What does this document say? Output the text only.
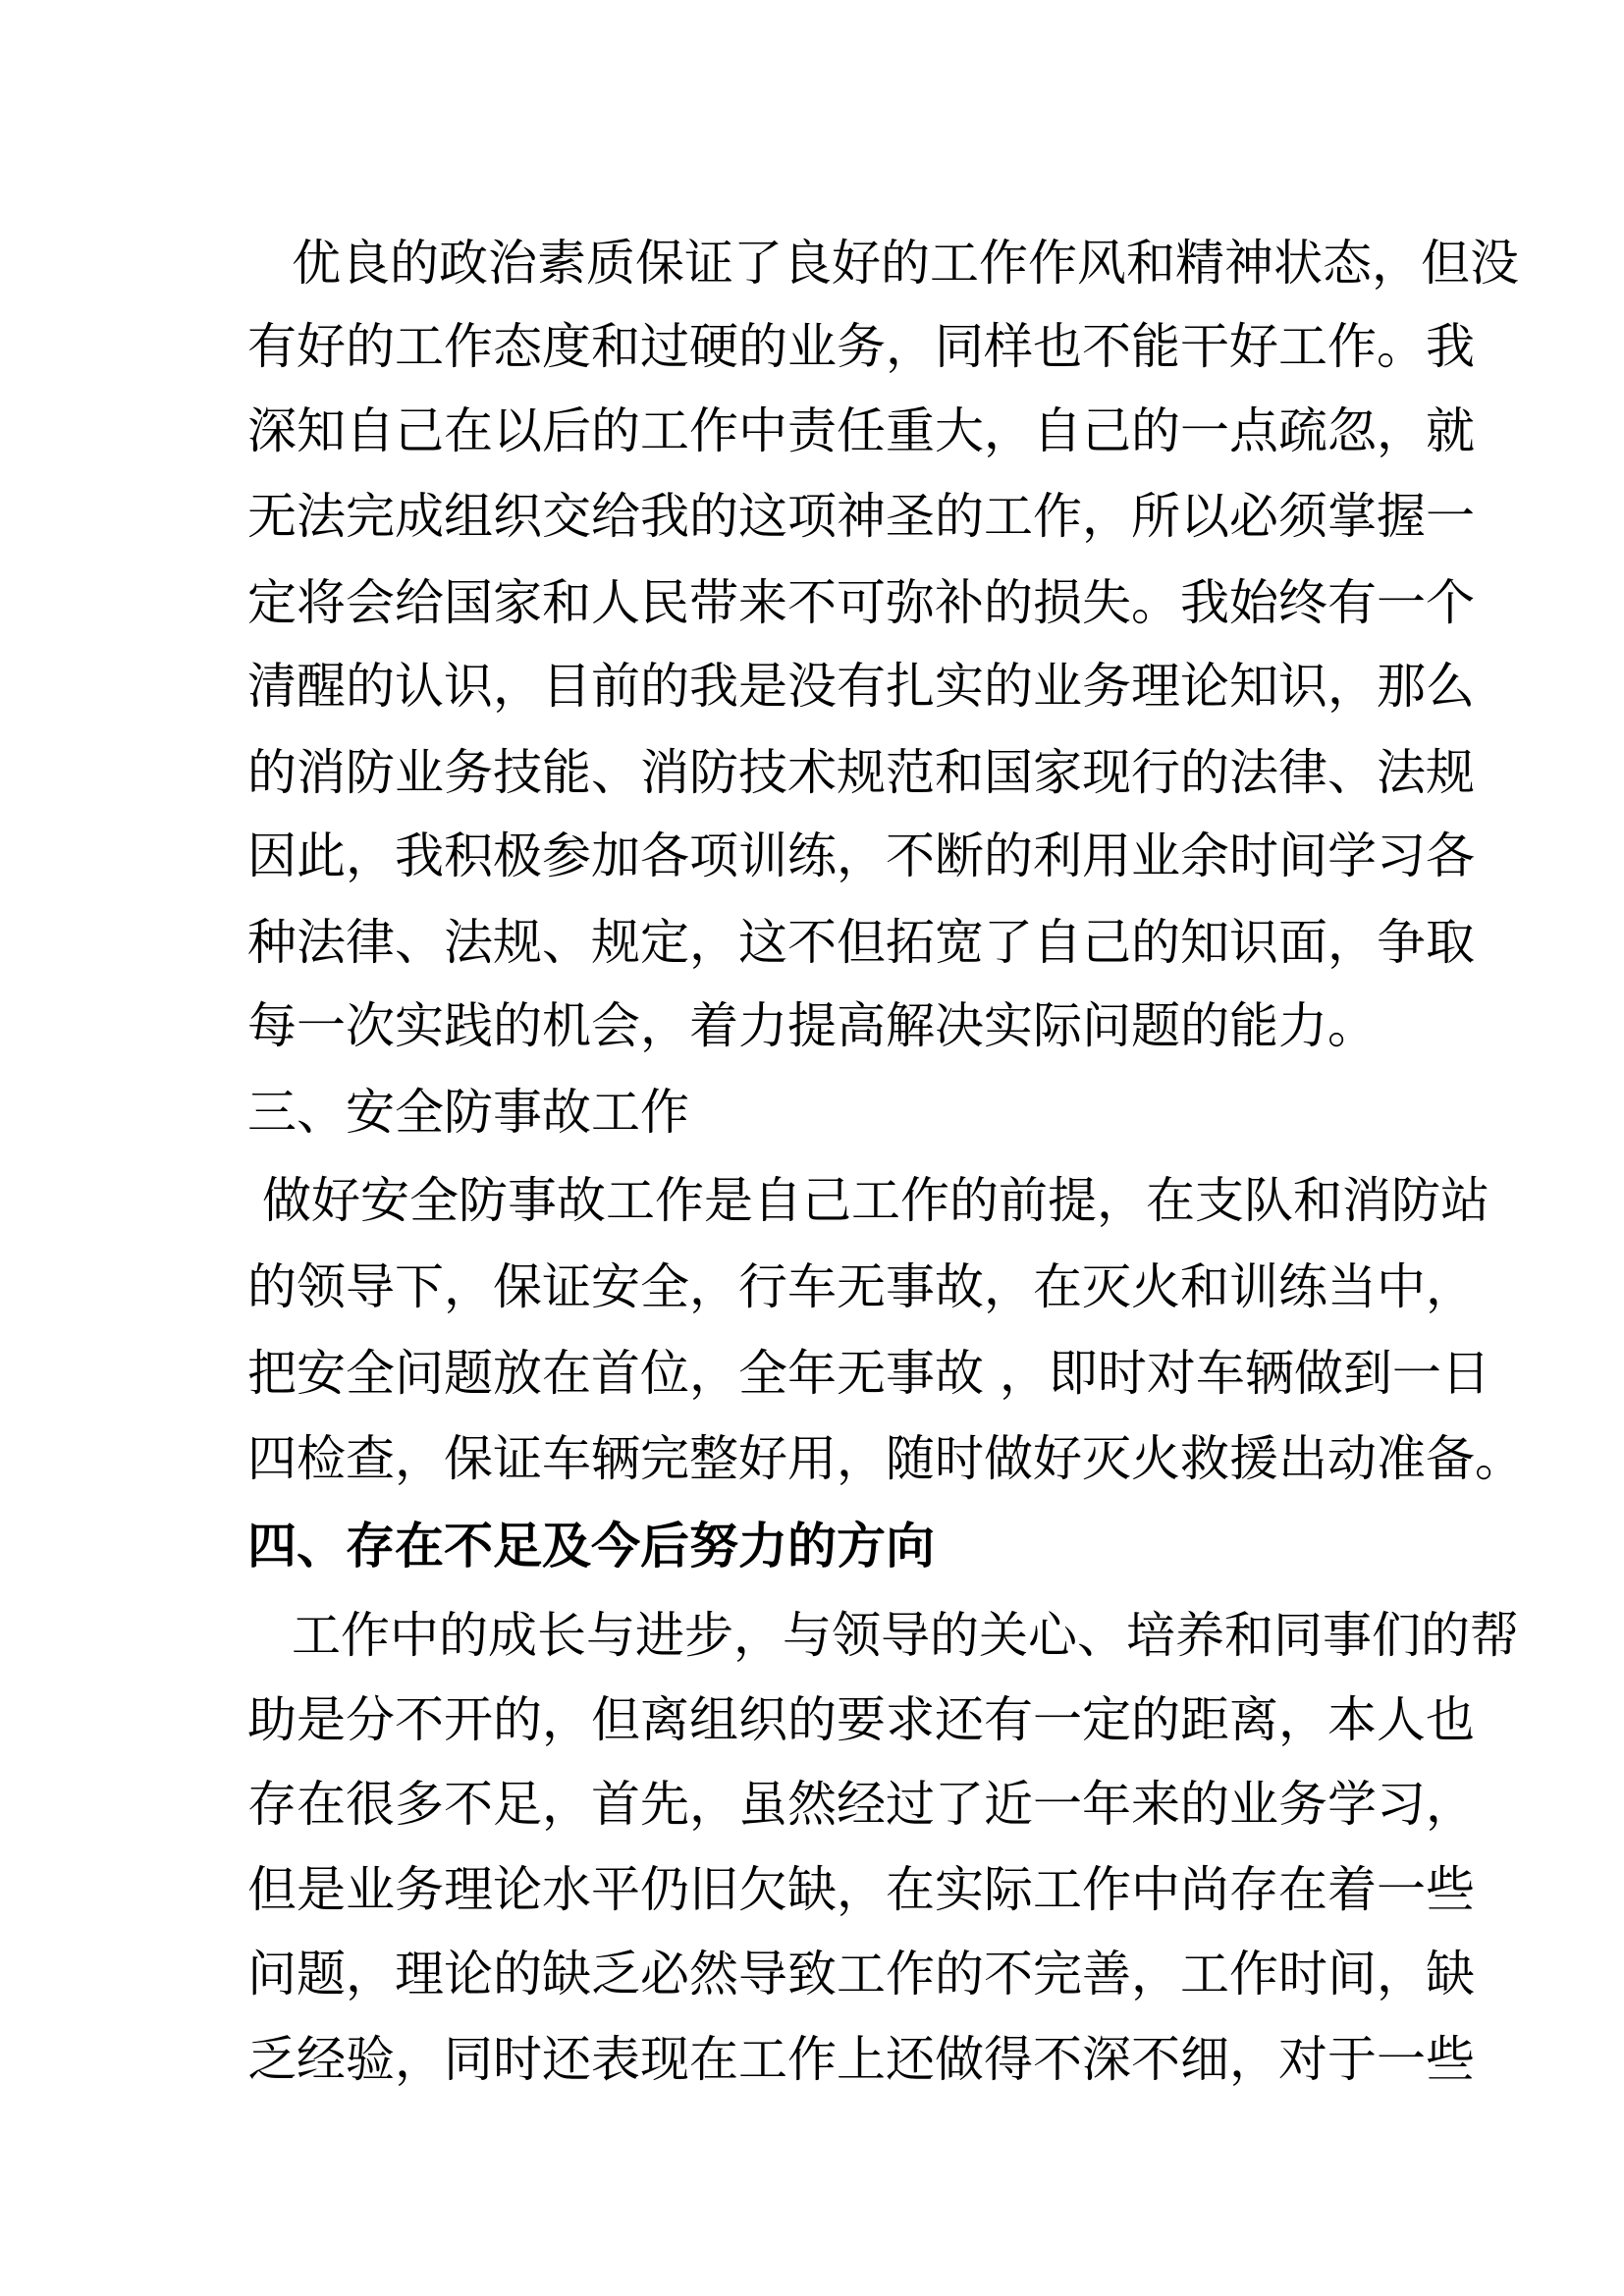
优良的政治素质保证了良好的工作作风和精神状态，但没
有好的工作态度和过硬的业务，同样也不能干好工作。我
深知自己在以后的工作中责任重大，自己的一点疏忽，就
无法完成组织交给我的这项神圣的工作，所以必须掌握一
定将会给国家和人民带来不可弥补的损失。我始终有一个
清醒的认识，目前的我是没有扎实的业务理论知识，那么
的消防业务技能、消防技术规范和国家现行的法律、法规
因此，我积极参加各项训练，不断的利用业余时间学习各
种法律、法规、规定，这不但拓宽了自己的知识面，争取
每一次实践的机会，着力提高解决实际问题的能力。
三、安全防事故工作
做好安全防事故工作是自己工作的前提，在支队和消防站
的领导下，保证安全，行车无事故，在灭火和训练当中，
把安全问题放在首位，全年无事故 ，即时对车辆做到一日
四检查，保证车辆完整好用，随时做好灭火救援出动准备。
四、存在不足及今后努力的方向
工作中的成长与进步，与领导的关心、培养和同事们的帮
助是分不开的，但离组织的要求还有一定的距离，本人也
存在很多不足，首先，虽然经过了近一年来的业务学习，
但是业务理论水平仍旧欠缺，在实际工作中尚存在着一些
问题，理论的缺乏必然导致工作的不完善，工作时间，缺
乏经验，同时还表现在工作上还做得不深不细，对于一些
